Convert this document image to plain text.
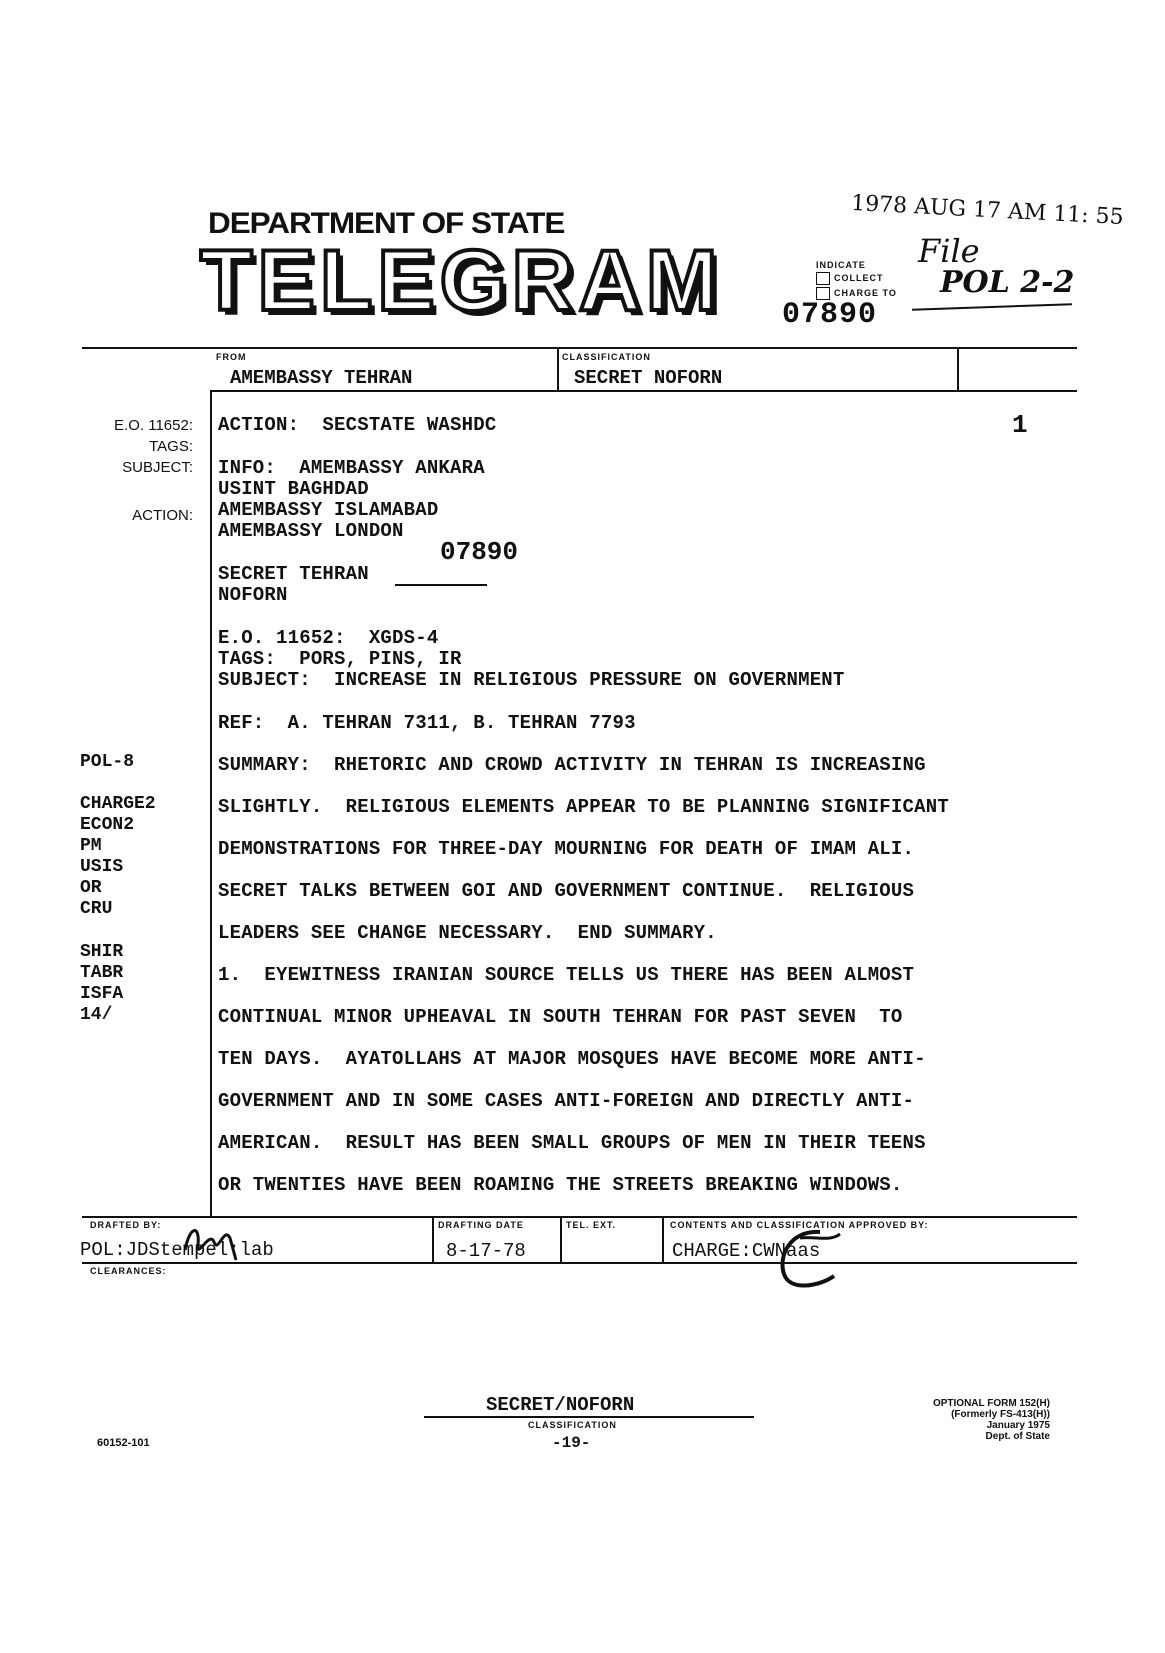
DEPARTMENT OF STATE
TELEGRAM
1978 AUG 17 AM 11: 55
INDICATE
COLLECT
CHARGE TO
File
POL 2-2
07890
FROM
AMEMBASSY TEHRAN
CLASSIFICATION
SECRET NOFORN
E.O. 11652:
TAGS:
SUBJECT:
ACTION:
POL-8
CHARGE2
ECON2
PM
USIS
OR
CRU
SHIR
TABR
ISFA
14/
ACTION:  SECSTATE WASHDC	1
INFO:  AMEMBASSY ANKARA
USINT BAGHDAD
AMEMBASSY ISLAMABAD
AMEMBASSY LONDON
SECRET TEHRAN
07890
NOFORN
E.O. 11652:  XGDS-4
TAGS:  PORS, PINS, IR
SUBJECT:  INCREASE IN RELIGIOUS PRESSURE ON GOVERNMENT
REF:  A. TEHRAN 7311, B. TEHRAN 7793
SUMMARY:  RHETORIC AND CROWD ACTIVITY IN TEHRAN IS INCREASING
SLIGHTLY.  RELIGIOUS ELEMENTS APPEAR TO BE PLANNING SIGNIFICANT
DEMONSTRATIONS FOR THREE-DAY MOURNING FOR DEATH OF IMAM ALI.
SECRET TALKS BETWEEN GOI AND GOVERNMENT CONTINUE.  RELIGIOUS
LEADERS SEE CHANGE NECESSARY.  END SUMMARY.
1.  EYEWITNESS IRANIAN SOURCE TELLS US THERE HAS BEEN ALMOST
CONTINUAL MINOR UPHEAVAL IN SOUTH TEHRAN FOR PAST SEVEN  TO
TEN DAYS.  AYATOLLAHS AT MAJOR MOSQUES HAVE BECOME MORE ANTI-
GOVERNMENT AND IN SOME CASES ANTI-FOREIGN AND DIRECTLY ANTI-
AMERICAN.  RESULT HAS BEEN SMALL GROUPS OF MEN IN THEIR TEENS
OR TWENTIES HAVE BEEN ROAMING THE STREETS BREAKING WINDOWS.
DRAFTED BY:
POL:JDStempel:lab
DRAFTING DATE
8-17-78
TEL. EXT.	CONTENTS AND CLASSIFICATION APPROVED BY:
CHARGE:CWNaas
CLEARANCES:
60152-101
SECRET/NOFORN
CLASSIFICATION
-19-
OPTIONAL FORM 152(H)
(Formerly FS-413(H))
January 1975
Dept. of State
